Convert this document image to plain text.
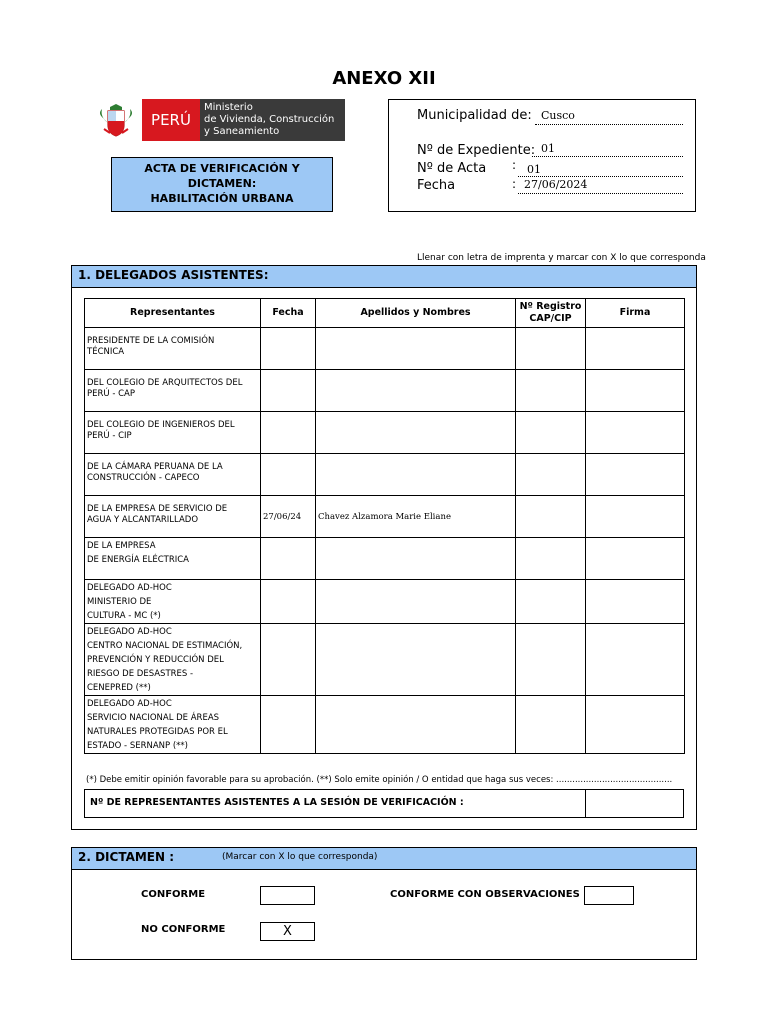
ANEXO XII
PERÚ
Ministerio
de Vivienda, Construcción
y Saneamiento
ACTA DE VERIFICACIÓN Y
DICTAMEN:
HABILITACIÓN URBANA
Municipalidad de: Cusco
Nº de Expediente: 01
Nº de Acta : 01
Fecha	: 27/06/2024
Llenar con letra de imprenta y marcar con X lo que corresponda
1. DELEGADOS ASISTENTES:
Representantes	Fecha	Apellidos y Nombres	Nº Registro CAP/CIP	Firma

PRESIDENTE DE LA COMISIÓN
TÉCNICA				

DEL COLEGIO DE ARQUITECTOS DEL
PERÚ - CAP				

DEL COLEGIO DE INGENIEROS DEL
PERÚ - CIP				

DE LA CÁMARA PERUANA DE LA
CONSTRUCCIÓN - CAPECO				

DE LA EMPRESA DE SERVICIO DE
AGUA Y ALCANTARILLADO	27/06/24	Chavez Alzamora Marie Eliane		

DE LA EMPRESA
DE ENERGÍA ELÉCTRICA				

DELEGADO AD-HOC
MINISTERIO DE
CULTURA - MC (*)				

DELEGADO AD-HOC
CENTRO NACIONAL DE ESTIMACIÓN,
PREVENCIÓN Y REDUCCIÓN DEL
RIESGO DE DESASTRES -
CENEPRED (**)				

DELEGADO AD-HOC
SERVICIO NACIONAL DE ÁREAS
NATURALES PROTEGIDAS POR EL
ESTADO - SERNANP (**)				

(*) Debe emitir opinión favorable para su aprobación. (**) Solo emite opinión / O entidad que haga sus veces: ...........................................
Nº DE REPRESENTANTES ASISTENTES A LA SESIÓN DE VERIFICACIÓN :
2. DICTAMEN :	(Marcar con X lo que corresponda)
CONFORME	CONFORME CON OBSERVACIONES
NO CONFORME	X
